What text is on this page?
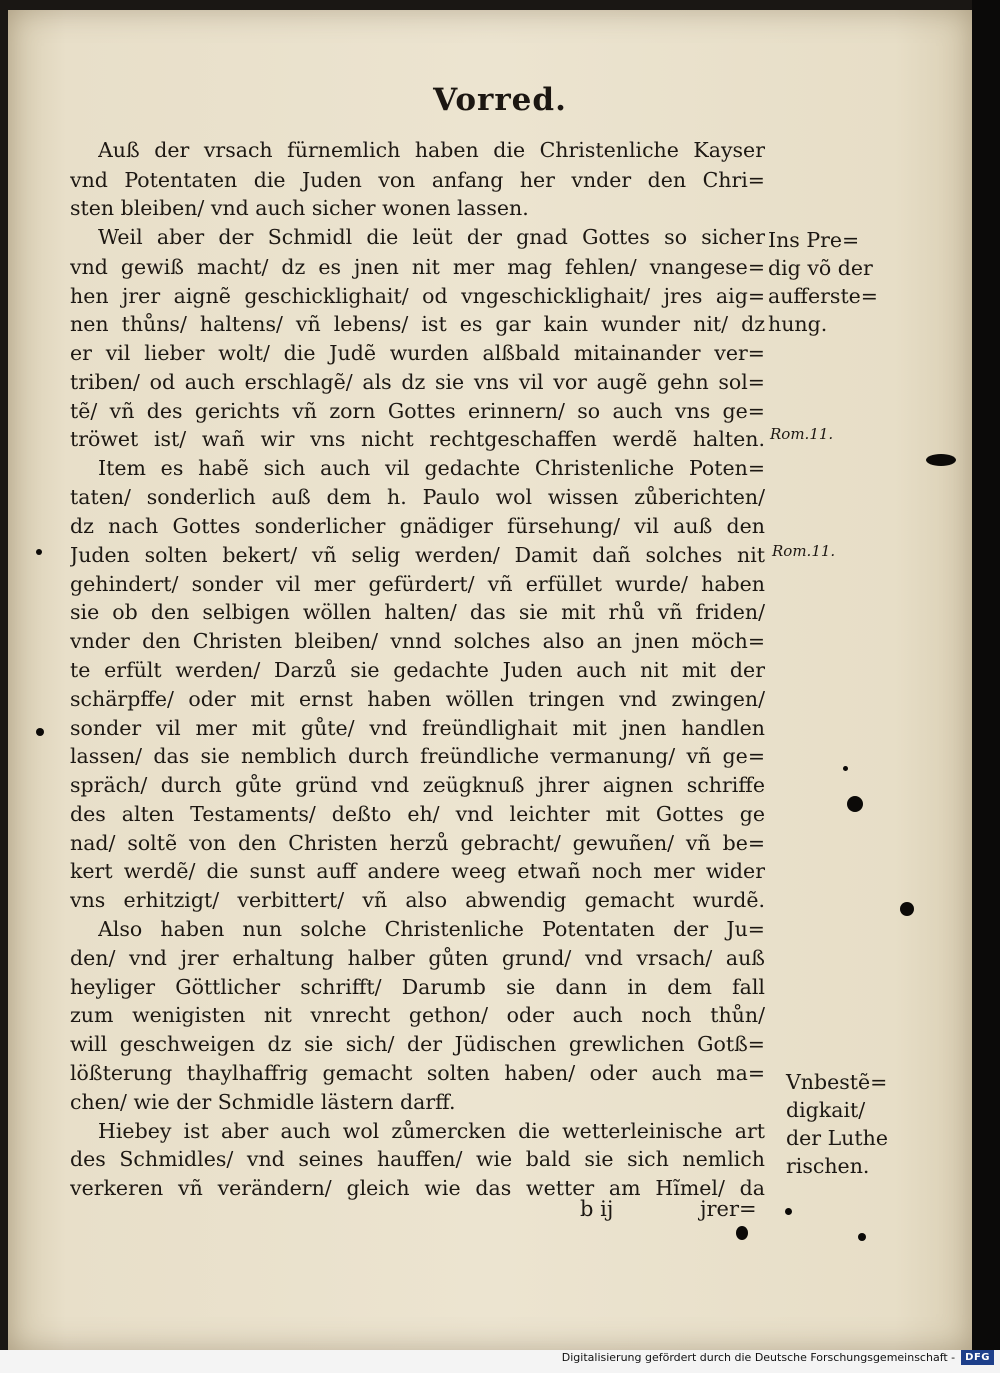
Vorred.
Auß der vrsach fürnemlich haben die Christenliche Kayser
vnd Potentaten die Juden von anfang her vnder den Chri=
sten bleiben/ vnd auch sicher wonen lassen.
Weil aber der Schmidl die leüt der gnad Gottes so sicher
vnd gewiß macht/ dz es jnen nit mer mag fehlen/ vnangese=
hen jrer aignẽ geschicklighait/ od vngeschicklighait/ jres aig=
nen thůns/ haltens/ vñ lebens/ ist es gar kain wunder nit/ dz
er vil lieber wolt/ die Judẽ wurden alßbald mitainander ver=
triben/ od auch erschlagẽ/ als dz sie vns vil vor augẽ gehn sol=
tẽ/ vñ des gerichts vñ zorn Gottes erinnern/ so auch vns ge=
tröwet ist/ wañ wir vns nicht rechtgeschaffen werdẽ halten.
Item es habẽ sich auch vil gedachte Christenliche Poten=
taten/ sonderlich auß dem h. Paulo wol wissen zůberichten/
dz nach Gottes sonderlicher gnädiger fürsehung/ vil auß den
Juden solten bekert/ vñ selig werden/ Damit dañ solches nit
gehindert/ sonder vil mer gefürdert/ vñ erfüllet wurde/ haben
sie ob den selbigen wöllen halten/ das sie mit rhů vñ friden/
vnder den Christen bleiben/ vnnd solches also an jnen möch=
te erfült werden/ Darzů sie gedachte Juden auch nit mit der
schärpffe/ oder mit ernst haben wöllen tringen vnd zwingen/
sonder vil mer mit gůte/ vnd freündlighait mit jnen handlen
lassen/ das sie nemblich durch freündliche vermanung/ vñ ge=
spräch/ durch gůte gründ vnd zeügknuß jhrer aignen schriffe
des alten Testaments/ deßto eh/ vnd leichter mit Gottes ge
nad/ soltẽ von den Christen herzů gebracht/ gewuñen/ vñ be=
kert werdẽ/ die sunst auff andere weeg etwañ noch mer wider
vns erhitzigt/ verbittert/ vñ also abwendig gemacht wurdẽ.
Also haben nun solche Christenliche Potentaten der Ju=
den/ vnd jrer erhaltung halber gůten grund/ vnd vrsach/ auß
heyliger Göttlicher schrifft/ Darumb sie dann in dem fall
zum wenigisten nit vnrecht gethon/ oder auch noch thůn/
will geschweigen dz sie sich/ der Jüdischen grewlichen Gotß=
lößterung thaylhaffrig gemacht solten haben/ oder auch ma=
chen/ wie der Schmidle lästern darff.
Hiebey ist aber auch wol zůmercken die wetterleinische art
des Schmidles/ vnd seines hauffen/ wie bald sie sich nemlich
verkeren vñ verändern/ gleich wie das wetter am Hĩmel/ da
Ins Pre=
dig võ der
aufferste=
hung.
Rom.11.
Rom.11.
Vnbestẽ=
digkait/
der Luthe
rischen.
b ij	jrer=
Digitalisierung gefördert durch die Deutsche Forschungsgemeinschaft -	DFG
